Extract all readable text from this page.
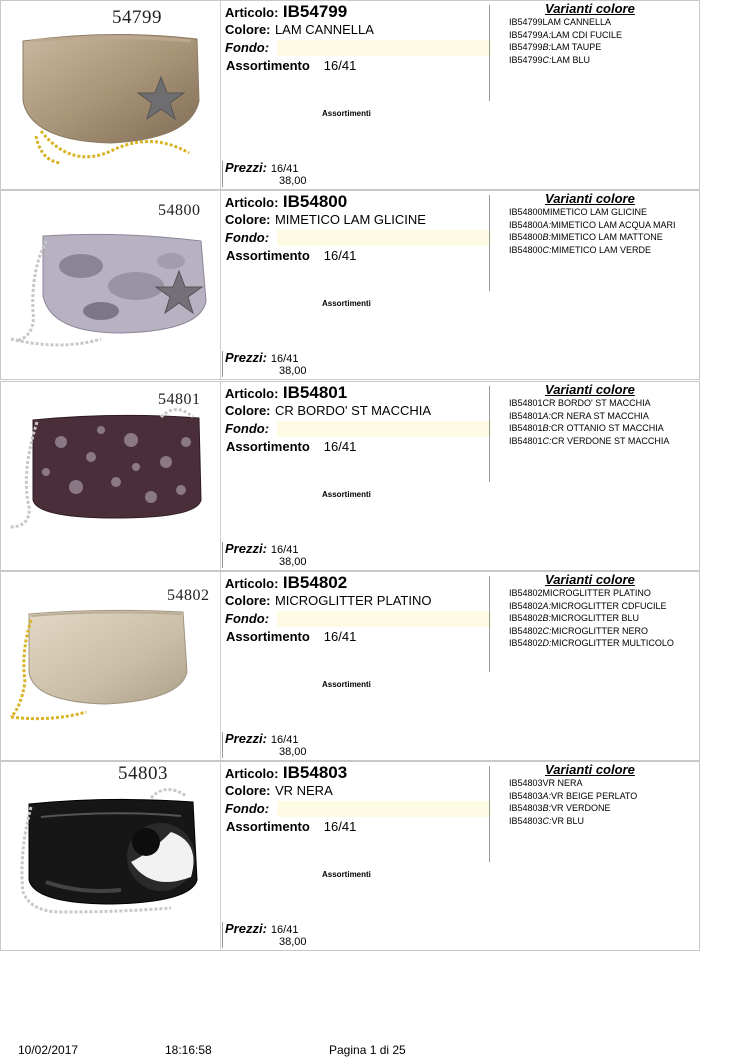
54799	Articolo: IB54799
Colore: LAM CANNELLA
Fondo:
Assortimento 16/41
Assortimenti
Prezzi: 16/41
38,00
Varianti colore
IB54799LAM CANNELLA
IB54799A:LAM CDI FUCILE
IB54799B:LAM TAUPE
IB54799C:LAM BLU
54800 Articolo: IB54800
Colore: MIMETICO LAM GLICINE
Fondo:
Assortimento 16/41
Assortimenti
Prezzi: 16/41
38,00
Varianti colore
IB54800MIMETICO LAM GLICINE
IB54800A:MIMETICO LAM ACQUA MARI
IB54800B:MIMETICO LAM MATTONE
IB54800C:MIMETICO LAM VERDE
54801 Articolo: IB54801
Colore: CR BORDO' ST MACCHIA
Fondo:
Assortimento 16/41
Assortimenti
Prezzi: 16/41
38,00
Varianti colore
IB54801CR BORDO' ST MACCHIA
IB54801A:CR NERA ST MACCHIA
IB54801B:CR OTTANIO ST MACCHIA
IB54801C:CR VERDONE ST MACCHIA
54802
Articolo: IB54802
Colore: MICROGLITTER PLATINO
Fondo:
Assortimento 16/41
Assortimenti
Prezzi: 16/41
38,00
Varianti colore
IB54802MICROGLITTER PLATINO
IB54802A:MICROGLITTER CDFUCILE
IB54802B:MICROGLITTER BLU
IB54802C:MICROGLITTER NERO
IB54802D:MICROGLITTER MULTICOLO
54803	Articolo: IB54803
Colore: VR NERA
Fondo:
Assortimento 16/41
Assortimenti
Prezzi: 16/41
38,00
Varianti colore
IB54803VR NERA
IB54803A:VR BEIGE PERLATO
IB54803B:VR VERDONE
IB54803C:VR BLU
10/02/2017	18:16:58	Pagina 1 di 25
